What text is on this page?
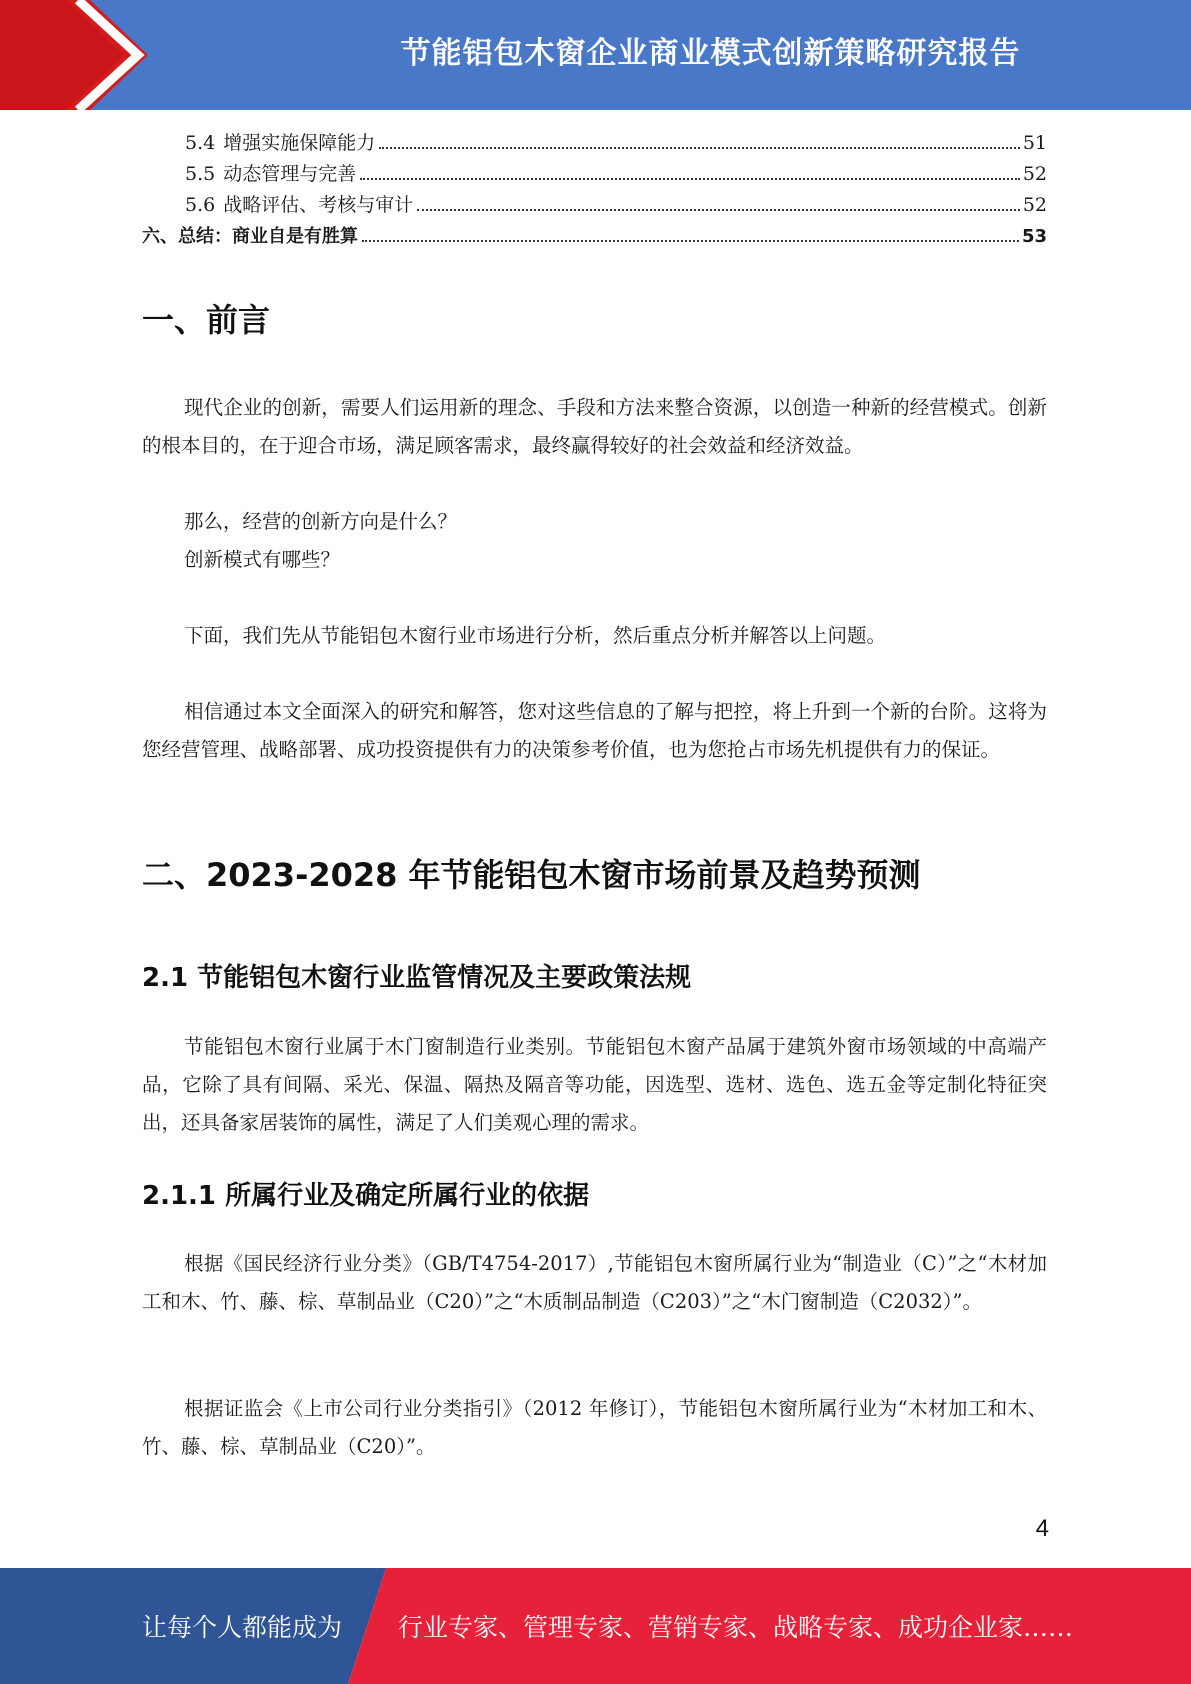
节能铝包木窗企业商业模式创新策略研究报告
5.4 增强实施保障能力	51
5.5 动态管理与完善	52
5.6 战略评估、考核与审计	52
六、总结：商业自是有胜算	53
一、前言

现代企业的创新，需要人们运用新的理念、手段和方法来整合资源，以创造一种新的经营模式。创新的根本目的，在于迎合市场，满足顾客需求，最终赢得较好的社会效益和经济效益。

那么，经营的创新方向是什么？

创新模式有哪些？

下面，我们先从节能铝包木窗行业市场进行分析，然后重点分析并解答以上问题。

相信通过本文全面深入的研究和解答，您对这些信息的了解与把控，将上升到一个新的台阶。这将为您经营管理、战略部署、成功投资提供有力的决策参考价值，也为您抢占市场先机提供有力的保证。

二、2023-2028 年节能铝包木窗市场前景及趋势预测
2.1 节能铝包木窗行业监管情况及主要政策法规

节能铝包木窗行业属于木门窗制造行业类别。节能铝包木窗产品属于建筑外窗市场领域的中高端产品，它除了具有间隔、采光、保温、隔热及隔音等功能，因选型、选材、选色、选五金等定制化特征突出，还具备家居装饰的属性，满足了人们美观心理的需求。

2.1.1 所属行业及确定所属行业的依据

根据《国民经济行业分类》（GB/T4754-2017）,节能铝包木窗所属行业为“制造业（C）”之“木材加工和木、竹、藤、棕、草制品业（C20）”之“木质制品制造（C203）”之“木门窗制造（C2032）”。

根据证监会《上市公司行业分类指引》（2012 年修订），节能铝包木窗所属行业为“木材加工和木、竹、藤、棕、草制品业（C20）”。

4
让每个人都能成为 行业专家、管理专家、营销专家、战略专家、成功企业家……
